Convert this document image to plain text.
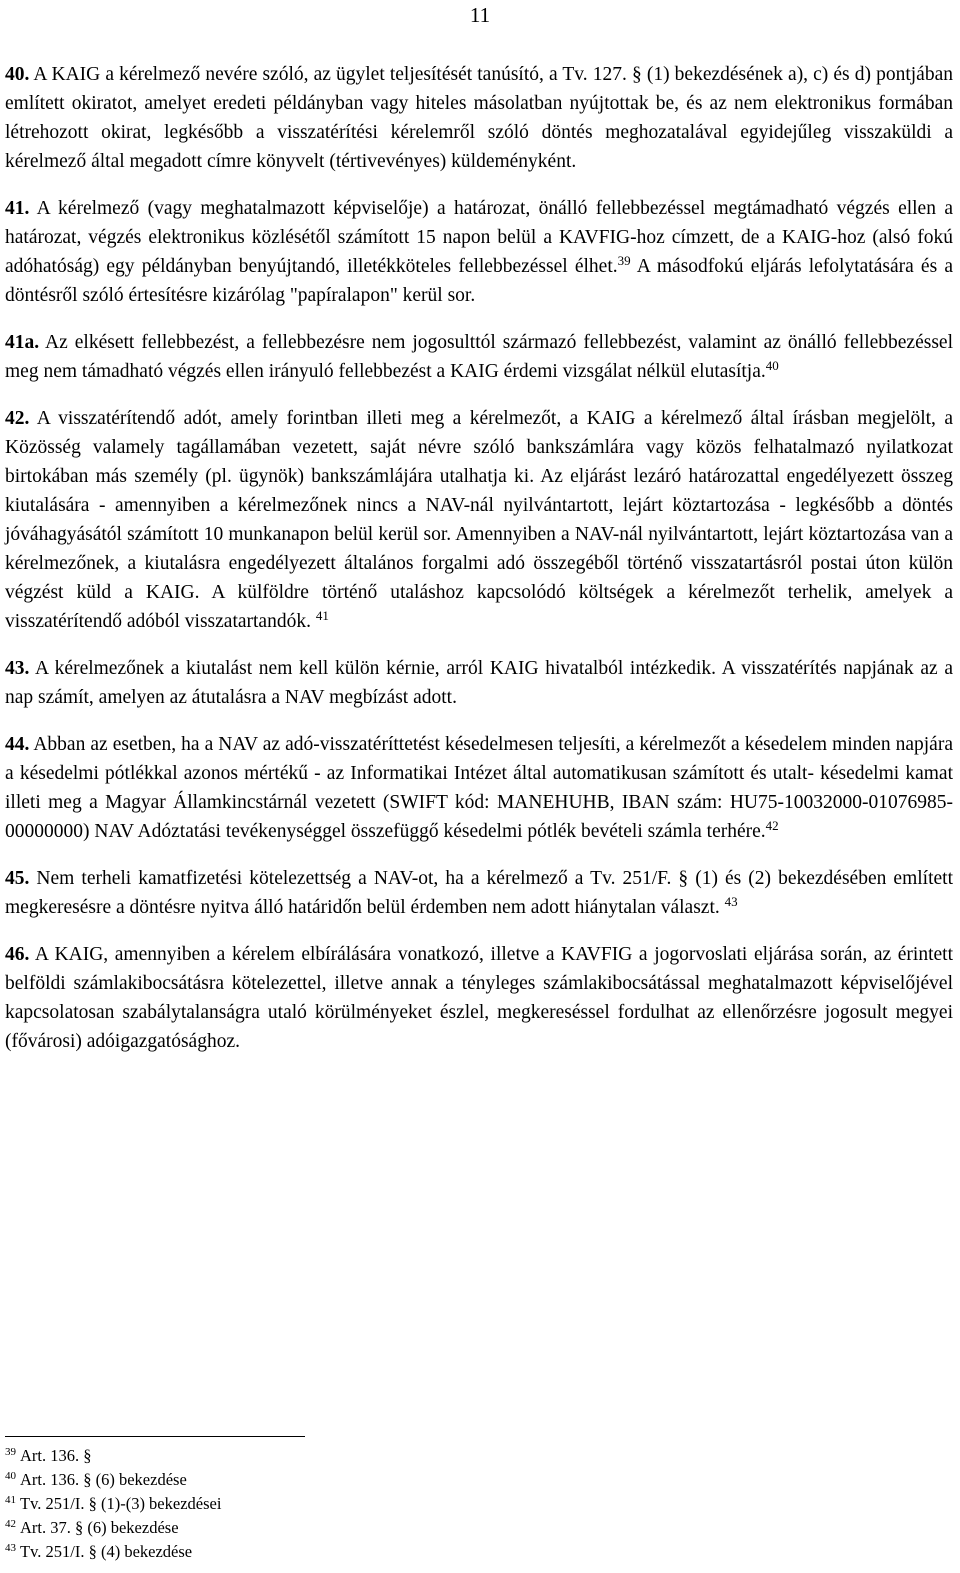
11

40. A KAIG a kérelmező nevére szóló, az ügylet teljesítését tanúsító, a Tv. 127. § (1) bekezdésének a), c) és d) pontjában említett okiratot, amelyet eredeti példányban vagy hiteles másolatban nyújtottak be, és az nem elektronikus formában létrehozott okirat, legkésőbb a visszatérítési kérelemről szóló döntés meghozatalával egyidejűleg visszaküldi a kérelmező által megadott címre könyvelt (tértivevényes) küldeményként.

41. A kérelmező (vagy meghatalmazott képviselője) a határozat, önálló fellebbezéssel megtámadható végzés ellen a határozat, végzés elektronikus közlésétől számított 15 napon belül a KAVFIG-hoz címzett, de a KAIG-hoz (alsó fokú adóhatóság) egy példányban benyújtandó, illetékköteles fellebbezéssel élhet.$^{39}$ A másodfokú eljárás lefolytatására és a döntésről szóló értesítésre kizárólag "papíralapon" kerül sor.

41a. Az elkésett fellebbezést, a fellebbezésre nem jogosulttól származó fellebbezést, valamint az önálló fellebbezéssel meg nem támadható végzés ellen irányuló fellebbezést a KAIG érdemi vizsgálat nélkül elutasítja.$^{40}$

42. A visszatérítendő adót, amely forintban illeti meg a kérelmezőt, a KAIG a kérelmező által írásban megjelölt, a Közösség valamely tagállamában vezetett, saját névre szóló bankszámlára vagy közös felhatalmazó nyilatkozat birtokában más személy (pl. ügynök) bankszámlájára utalhatja ki. Az eljárást lezáró határozattal engedélyezett összeg kiutalására - amennyiben a kérelmezőnek nincs a NAV-nál nyilvántartott, lejárt köztartozása - legkésőbb a döntés jóváhagyásától számított 10 munkanapon belül kerül sor. Amennyiben a NAV-nál nyilvántartott, lejárt köztartozása van a kérelmezőnek, a kiutalásra engedélyezett általános forgalmi adó összegéből történő visszatartásról postai úton külön végzést küld a KAIG. A külföldre történő utaláshoz kapcsolódó költségek a kérelmezőt terhelik, amelyek a visszatérítendő adóból visszatartandók. $^{41}$

43. A kérelmezőnek a kiutalást nem kell külön kérnie, arról KAIG hivatalból intézkedik. A visszatérítés napjának az a nap számít, amelyen az átutalásra a NAV megbízást adott.

44. Abban az esetben, ha a NAV az adó-visszatéríttetést késedelmesen teljesíti, a kérelmezőt a késedelem minden napjára a késedelmi pótlékkal azonos mértékű - az Informatikai Intézet által automatikusan számított és utalt- késedelmi kamat illeti meg a Magyar Államkincstárnál vezetett (SWIFT kód: MANEHUHB, IBAN szám: HU75-10032000-01076985-00000000) NAV Adóztatási tevékenységgel összefüggő késedelmi pótlék bevételi számla terhére.$^{42}$

45. Nem terheli kamatfizetési kötelezettség a NAV-ot, ha a kérelmező a Tv. 251/F. § (1) és (2) bekezdésében említett megkeresésre a döntésre nyitva álló határidőn belül érdemben nem adott hiánytalan választ. $^{43}$

46. A KAIG, amennyiben a kérelem elbírálására vonatkozó, illetve a KAVFIG a jogorvoslati eljárása során, az érintett belföldi számlakibocsátásra kötelezettel, illetve annak a tényleges számlakibocsátással meghatalmazott képviselőjével kapcsolatosan szabálytalanságra utaló körülményeket észlel, megkereséssel fordulhat az ellenőrzésre jogosult megyei (fővárosi) adóigazgatósághoz.

$^{39}$ Art. 136. §
$^{40}$ Art. 136. § (6) bekezdése
$^{41}$ Tv. 251/I. § (1)-(3) bekezdései
$^{42}$ Art. 37. § (6) bekezdése
$^{43}$ Tv. 251/I. § (4) bekezdése
